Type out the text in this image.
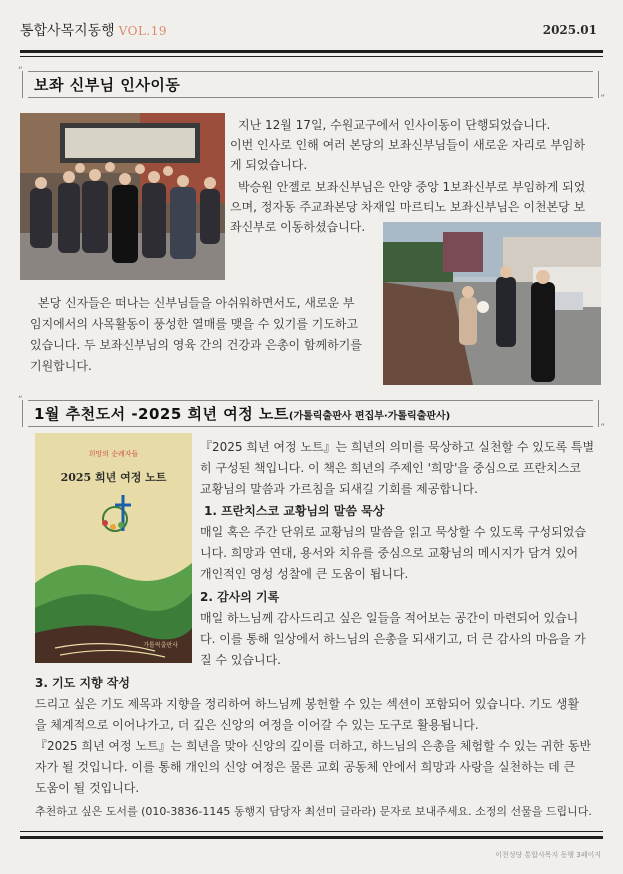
통합사목지동행 VOL.19	2025.01
“
”
보좌 신부님 인사이동
지난 12월 17일, 수원교구에서 인사이동이 단행되었습니다.
이번 인사로 인해 여러 본당의 보좌신부님들이 새로운 자리로 부임하
게 되었습니다.
박승원 안젤로 보좌신부님은 안양 중앙 1보좌신부로 부임하게 되었
으며, 정자동 주교좌본당 차재일 마르티노 보좌신부님은 이천본당 보
좌신부로 이동하셨습니다.
본당 신자들은 떠나는 신부님들을 아쉬워하면서도, 새로운 부
임지에서의 사목활동이 풍성한 열매를 맺을 수 있기를 기도하고
있습니다. 두 보좌신부님의 영육 간의 건강과 은총이 함께하기를
기원합니다.
“
”
1월 추천도서 -2025 희년 여정 노트(가톨릭출판사 편집부·가톨릭출판사)
희망의 순례자들
2025 희년 여정 노트
가톨릭출판사
『2025 희년 여정 노트』는 희년의 의미를 묵상하고 실천할 수 있도록 특별
히 구성된 책입니다. 이 책은 희년의 주제인 '희망'을 중심으로 프란치스코
교황님의 말씀과 가르침을 되새길 기회를 제공합니다.
1. 프란치스코 교황님의 말씀 묵상
매일 혹은 주간 단위로 교황님의 말씀을 읽고 묵상할 수 있도록 구성되었습
니다. 희망과 연대, 용서와 치유를 중심으로 교황님의 메시지가 담겨 있어
개인적인 영성 성찰에 큰 도움이 됩니다.
2. 감사의 기록
매일 하느님께 감사드리고 싶은 일들을 적어보는 공간이 마련되어 있습니
다. 이를 통해 일상에서 하느님의 은총을 되새기고, 더 큰 감사의 마음을 가
질 수 있습니다.
3. 기도 지향 작성
드리고 싶은 기도 제목과 지향을 정리하여 하느님께 봉헌할 수 있는 섹션이 포함되어 있습니다. 기도 생활
을 체계적으로 이어나가고, 더 깊은 신앙의 여정을 이어갈 수 있는 도구로 활용됩니다.
『2025 희년 여정 노트』는 희년을 맞아 신앙의 깊이를 더하고, 하느님의 은총을 체험할 수 있는 귀한 동반
자가 될 것입니다. 이를 통해 개인의 신앙 여정은 물론 교회 공동체 안에서 희망과 사랑을 실천하는 데 큰
도움이 될 것입니다.
추천하고 싶은 도서를 (010-3836-1145 동행지 담당자 최선미 글라라) 문자로 보내주세요. 소정의 선물을 드립니다.
이천성당 통합사목지 동행 3페이지
